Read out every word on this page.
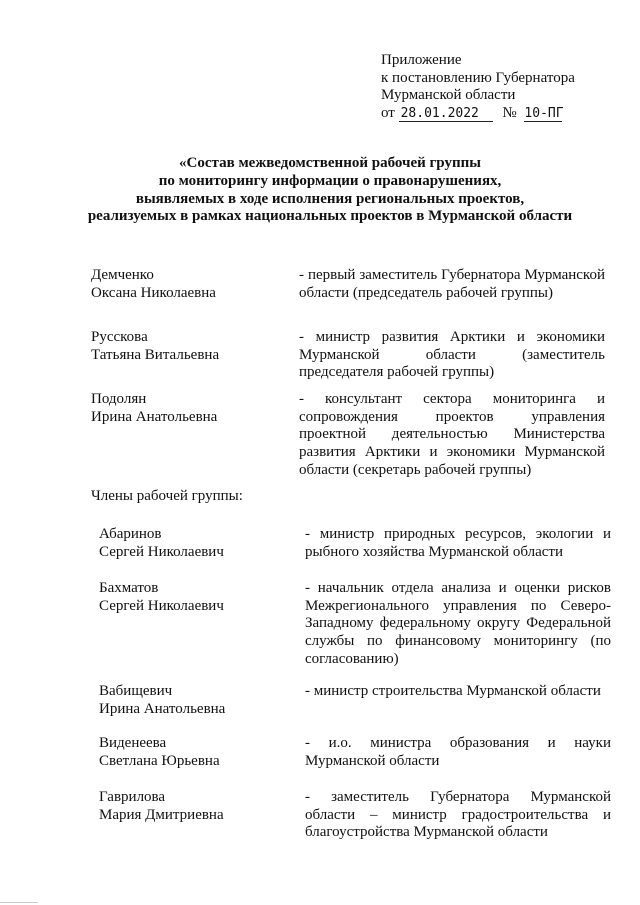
Приложение
к постановлению Губернатора
Мурманской области
от 28.01.2022 № 10-ПГ
«Состав межведомственной рабочей группы
по мониторингу информации о правонарушениях,
выявляемых в ходе исполнения региональных проектов,
реализуемых в рамках национальных проектов в Мурманской области
Демченко
Оксана Николаевна
- первый заместитель Губернатора Мурманской области (председатель рабочей группы)
Русскова
Татьяна Витальевна
- министр развития Арктики и экономики Мурманской области (заместитель председателя рабочей группы)
Подолян
Ирина Анатольевна
- консультант сектора мониторинга и сопровождения проектов управления проектной деятельностью Министерства развития Арктики и экономики Мурманской области (секретарь рабочей группы)
Члены рабочей группы:
Абаринов
Сергей Николаевич
- министр природных ресурсов, экологии и рыбного хозяйства Мурманской области
Бахматов
Сергей Николаевич
- начальник отдела анализа и оценки рисков Межрегионального управления по Северо-Западному федеральному округу Федеральной службы по финансовому мониторингу (по согласованию)
Вабищевич
Ирина Анатольевна
- министр строительства Мурманской области
Виденеева
Светлана Юрьевна
- и.о. министра образования и науки Мурманской области
Гаврилова
Мария Дмитриевна
- заместитель Губернатора Мурманской области – министр градостроительства и благоустройства Мурманской области
